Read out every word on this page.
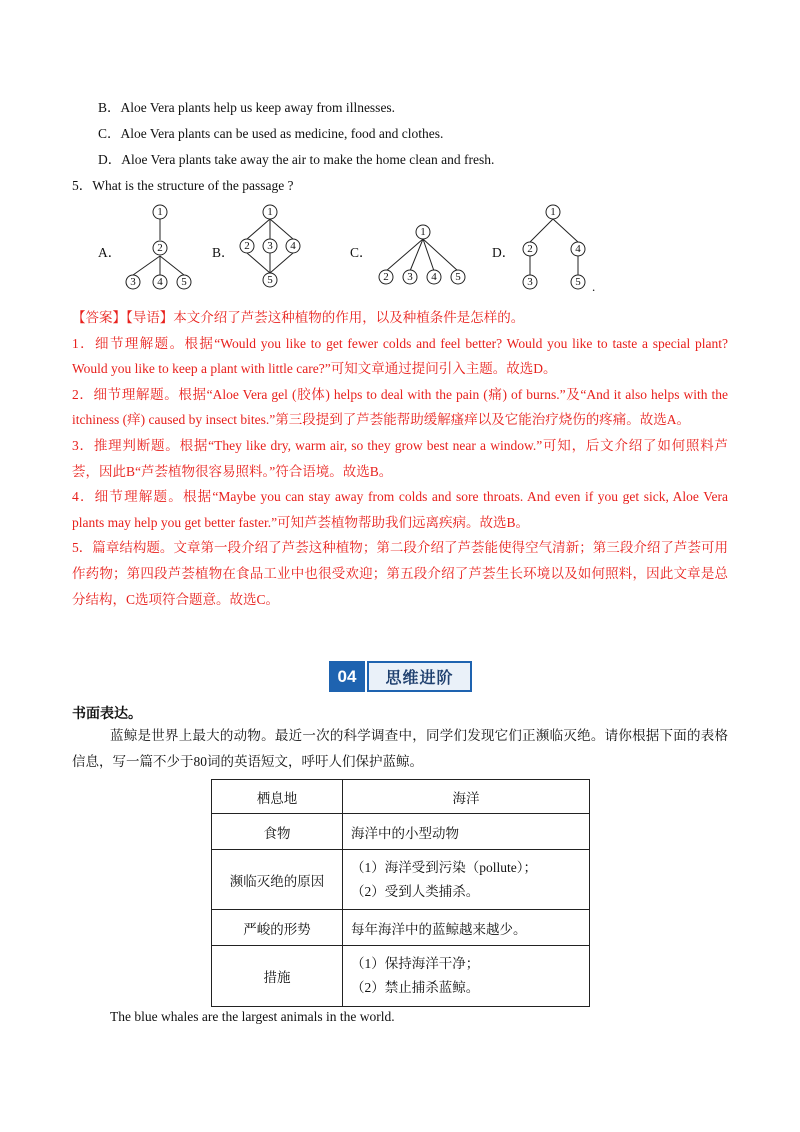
B．Aloe Vera plants help us keep away from illnesses.
C．Aloe Vera plants can be used as medicine, food and clothes.
D．Aloe Vera plants take away the air to make the home clean and fresh.
5．What is the structure of the passage ?
1
2
3 4 5
1
2 3 4
5
1
2 3 4 5
1
2	4
3	5 .
A．	B．	C．	D．

【答案】【导语】本文介绍了芦荟这种植物的作用，以及种植条件是怎样的。

1．细节理解题。根据“Would you like to get fewer colds and feel better? Would you like to taste a special plant? Would you like to keep a plant with little care?”可知文章通过提问引入主题。故选D。

2．细节理解题。根据“Aloe Vera gel (胶体) helps to deal with the pain (痛) of burns.”及“And it also helps with the itchiness (痒) caused by insect bites.”第三段提到了芦荟能帮助缓解瘙痒以及它能治疗烧伤的疼痛。故选A。

3．推理判断题。根据“They like dry, warm air, so they grow best near a window.”可知，后文介绍了如何照料芦荟，因此B“芦荟植物很容易照料。”符合语境。故选B。

4．细节理解题。根据“Maybe you can stay away from colds and sore throats. And even if you get sick, Aloe Vera plants may help you get better faster.”可知芦荟植物帮助我们远离疾病。故选B。

5．篇章结构题。文章第一段介绍了芦荟这种植物；第二段介绍了芦荟能使得空气清新；第三段介绍了芦荟可用作药物；第四段芦荟植物在食品工业中也很受欢迎；第五段介绍了芦荟生长环境以及如何照料，因此文章是总分结构，C选项符合题意。故选C。

04	思维进阶
书面表达。
蓝鲸是世界上最大的动物。最近一次的科学调查中，同学们发现它们正濒临灭绝。请你根据下面的表格信息，写一篇不少于80词的英语短文，呼吁人们保护蓝鲸。
栖息地	海洋
食物	海洋中的小型动物
濒临灭绝的原因	（1）海洋受到污染（pollute）；
（2）受到人类捕杀。

严峻的形势	每年海洋中的蓝鲸越来越少。
措施	（1）保持海洋干净；
（2）禁止捕杀蓝鲸。
The blue whales are the largest animals in the world.
